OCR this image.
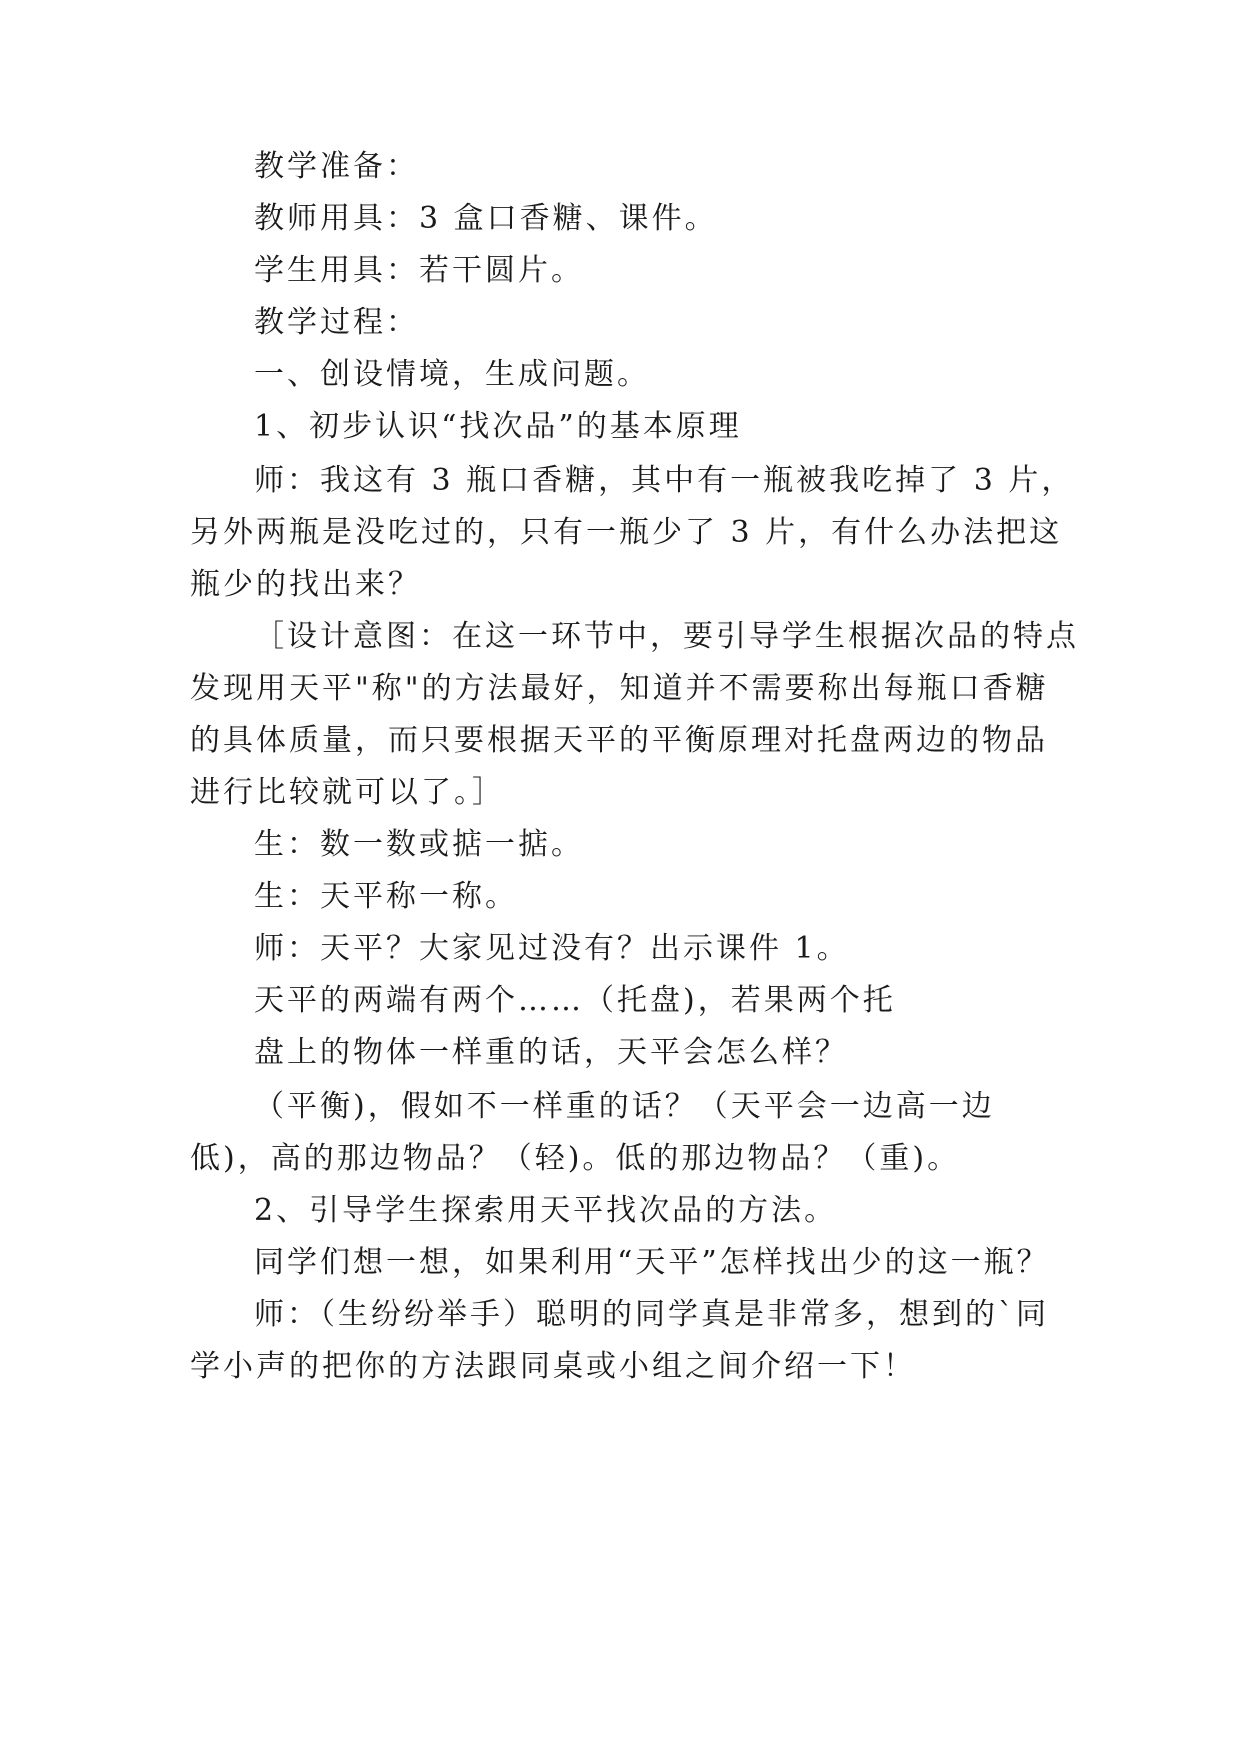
教学准备：
教师用具：3 盒口香糖、课件。
学生用具：若干圆片。
教学过程：
一、创设情境，生成问题。
1、初步认识“找次品”的基本原理
师：我这有 3 瓶口香糖，其中有一瓶被我吃掉了 3 片，
另外两瓶是没吃过的，只有一瓶少了 3 片，有什么办法把这
瓶少的找出来？
［设计意图：在这一环节中，要引导学生根据次品的特点
发现用天平"称"的方法最好，知道并不需要称出每瓶口香糖
的具体质量，而只要根据天平的平衡原理对托盘两边的物品
进行比较就可以了。］
生：数一数或掂一掂。
生：天平称一称。
师：天平？大家见过没有？出示课件 1。
天平的两端有两个……（托盘)，若果两个托
盘上的物体一样重的话，天平会怎么样？
（平衡)，假如不一样重的话？（天平会一边高一边
低)，高的那边物品？（轻)。低的那边物品？（重)。
2、引导学生探索用天平找次品的方法。
同学们想一想，如果利用“天平”怎样找出少的这一瓶？
师：（生纷纷举手）聪明的同学真是非常多，想到的`同
学小声的把你的方法跟同桌或小组之间介绍一下！
